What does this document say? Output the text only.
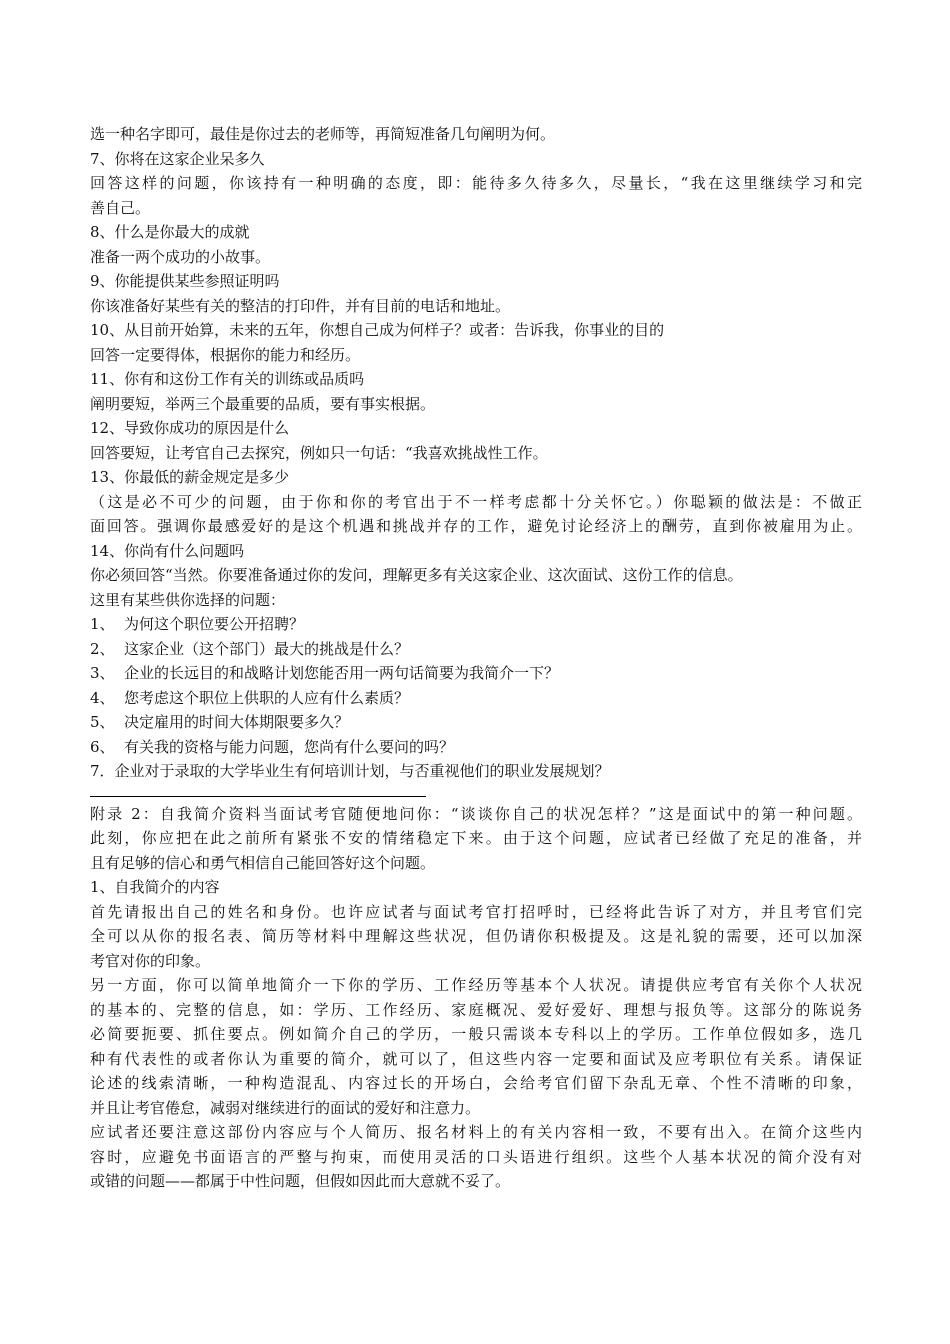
选一种名字即可，最佳是你过去的老师等，再简短准备几句阐明为何。

7、你将在这家企业呆多久

回答这样的问题，你该持有一种明确的态度，即：能待多久待多久，尽量长，“我在这里继续学习和完

善自己。

8、什么是你最大的成就

准备一两个成功的小故事。

9、你能提供某些参照证明吗

你该准备好某些有关的整洁的打印件，并有目前的电话和地址。

10、从目前开始算，未来的五年，你想自己成为何样子？或者：告诉我，你事业的目的

回答一定要得体，根据你的能力和经历。

11、你有和这份工作有关的训练或品质吗

阐明要短，举两三个最重要的品质，要有事实根据。

12、导致你成功的原因是什么

回答要短，让考官自己去探究，例如只一句话：“我喜欢挑战性工作。

13、你最低的薪金规定是多少

（这是必不可少的问题，由于你和你的考官出于不一样考虑都十分关怀它。）你聪颖的做法是：不做正

面回答。强调你最感爱好的是这个机遇和挑战并存的工作，避免讨论经济上的酬劳，直到你被雇用为止。

14、你尚有什么问题吗

你必须回答“当然。你要准备通过你的发问，理解更多有关这家企业、这次面试、这份工作的信息。

这里有某些供你选择的问题：

1、 为何这个职位要公开招聘？

2、 这家企业（这个部门）最大的挑战是什么？

3、 企业的长远目的和战略计划您能否用一两句话简要为我简介一下？

4、 您考虑这个职位上供职的人应有什么素质？

5、 决定雇用的时间大体期限要多久？

6、 有关我的资格与能力问题，您尚有什么要问的吗？

7．企业对于录取的大学毕业生有何培训计划，与否重视他们的职业发展规划？

附录 2：自我简介资料当面试考官随便地问你：“谈谈你自己的状况怎样？”这是面试中的第一种问题。

此刻，你应把在此之前所有紧张不安的情绪稳定下来。由于这个问题，应试者已经做了充足的准备，并

且有足够的信心和勇气相信自己能回答好这个问题。

1、自我简介的内容

首先请报出自己的姓名和身份。也许应试者与面试考官打招呼时，已经将此告诉了对方，并且考官们完

全可以从你的报名表、简历等材料中理解这些状况，但仍请你积极提及。这是礼貌的需要，还可以加深

考官对你的印象。

另一方面，你可以简单地简介一下你的学历、工作经历等基本个人状况。请提供应考官有关你个人状况

的基本的、完整的信息，如：学历、工作经历、家庭概况、爱好爱好、理想与报负等。这部分的陈说务

必简要扼要、抓住要点。例如简介自己的学历，一般只需谈本专科以上的学历。工作单位假如多，选几

种有代表性的或者你认为重要的简介，就可以了，但这些内容一定要和面试及应考职位有关系。请保证

论述的线索清晰，一种构造混乱、内容过长的开场白，会给考官们留下杂乱无章、个性不清晰的印象，

并且让考官倦怠，减弱对继续进行的面试的爱好和注意力。

应试者还要注意这部份内容应与个人简历、报名材料上的有关内容相一致，不要有出入。在简介这些内

容时，应避免书面语言的严整与拘束，而使用灵活的口头语进行组织。这些个人基本状况的简介没有对

或错的问题——都属于中性问题，但假如因此而大意就不妥了。
